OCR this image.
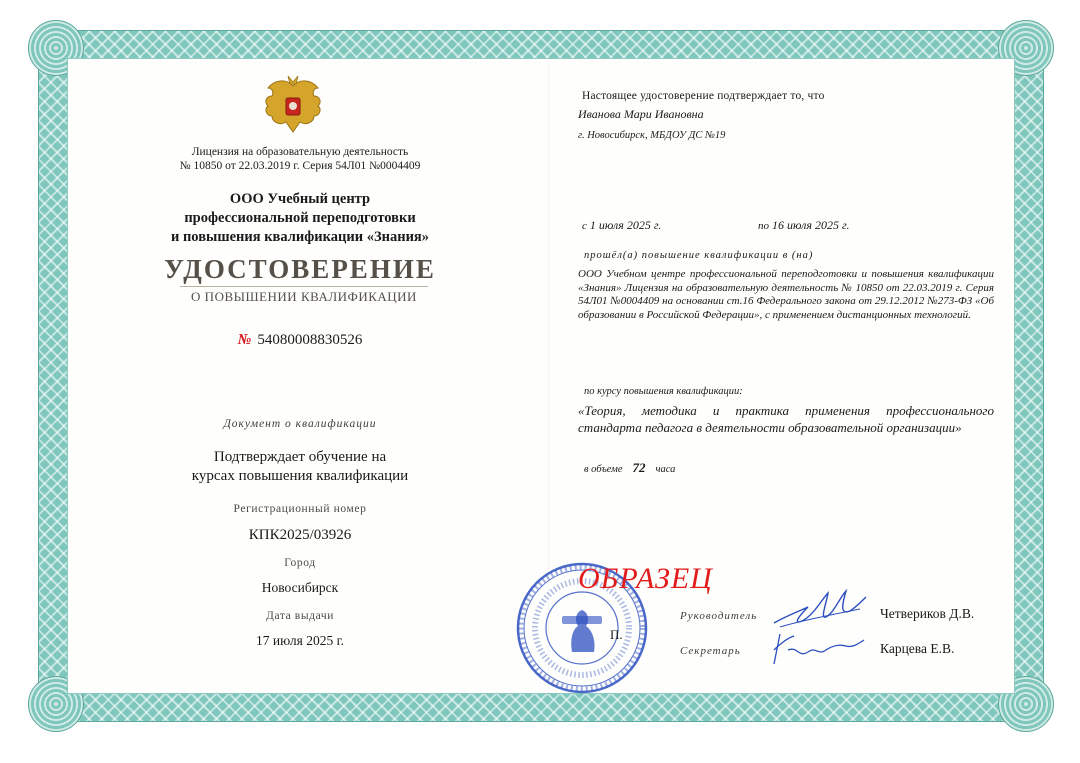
Лицензия на образовательную деятельность
№ 10850 от 22.03.2019 г. Серия 54Л01 №0004409
ООО Учебный центр
профессиональной переподготовки
и повышения квалификации «Знания»
УДОСТОВЕРЕНИЕ
О ПОВЫШЕНИИ КВАЛИФИКАЦИИ
№ 54080008830526
Документ о квалификации
Подтверждает обучение на
курсах повышения квалификации
Регистрационный номер
КПК2025/03926
Город
Новосибирск
Дата выдачи
17 июля 2025 г.
Настоящее удостоверение подтверждает то, что
Иванова Мари Ивановна
г. Новосибирск, МБДОУ ДС №19
с 1 июля 2025 г.	по 16 июля 2025 г.
прошёл(а) повышение квалификации в (на)
ООО Учебном центре профессиональной переподготовки и повышения квалификации «Знания» Лицензия на образовательную деятельность № 10850 от 22.03.2019 г. Серия 54Л01 №0004409 на основании ст.16 Федерального закона от 29.12.2012 №273-ФЗ «Об образовании в Российской Федерации», с применением дистанционных технологий.
по курсу повышения квалификации:
«Теория, методика и практика применения профессионального стандарта педагога в деятельности образовательной организации»
в объеме 72 часа
ОБРАЗЕЦ
П.
Руководитель	Четвериков Д.В.
Секретарь	Карцева Е.В.
